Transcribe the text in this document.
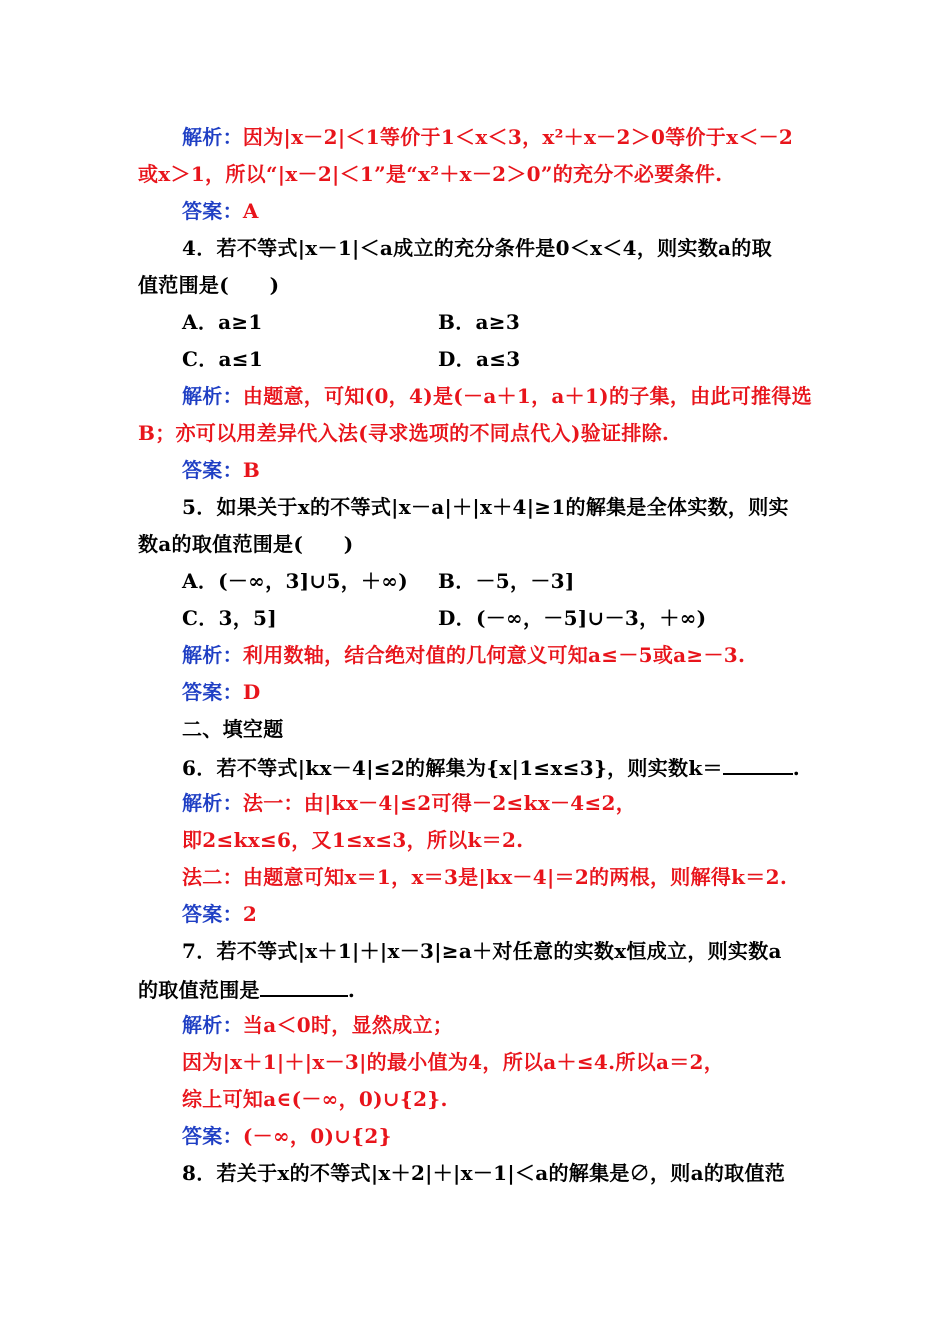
解析：因为|x－2|＜1等价于1＜x＜3，x²＋x－2＞0等价于x＜－2
或x＞1，所以“|x－2|＜1”是“x²＋x－2＞0”的充分不必要条件.
答案：A
4．若不等式|x－1|＜a成立的充分条件是0＜x＜4，则实数a的取
值范围是(　　)
A．a≥1	B．a≥3
C．a≤1	D．a≤3
解析：由题意，可知(0，4)是(－a＋1，a＋1)的子集，由此可推得选
B；亦可以用差异代入法(寻求选项的不同点代入)验证排除.
答案：B
5．如果关于x的不等式|x－a|＋|x＋4|≥1的解集是全体实数，则实
数a的取值范围是(　　)
A．(－∞，3]∪5，＋∞) B．－5，－3]
C．3，5]	D．(－∞，－5]∪－3，＋∞)
解析：利用数轴，结合绝对值的几何意义可知a≤－5或a≥－3.
答案：D
二、填空题
6．若不等式|kx－4|≤2的解集为{x|1≤x≤3}，则实数k＝	.
解析：法一：由|kx－4|≤2可得－2≤kx－4≤2，
即2≤kx≤6，又1≤x≤3，所以k＝2.
法二：由题意可知x＝1，x＝3是|kx－4|＝2的两根，则解得k＝2.
答案：2
7．若不等式|x＋1|＋|x－3|≥a＋对任意的实数x恒成立，则实数a
的取值范围是	.
解析：当a＜0时，显然成立；
因为|x＋1|＋|x－3|的最小值为4，所以a＋≤4.所以a＝2，
综上可知a∈(－∞，0)∪{2}.
答案：(－∞，0)∪{2}
8．若关于x的不等式|x＋2|＋|x－1|＜a的解集是∅，则a的取值范
